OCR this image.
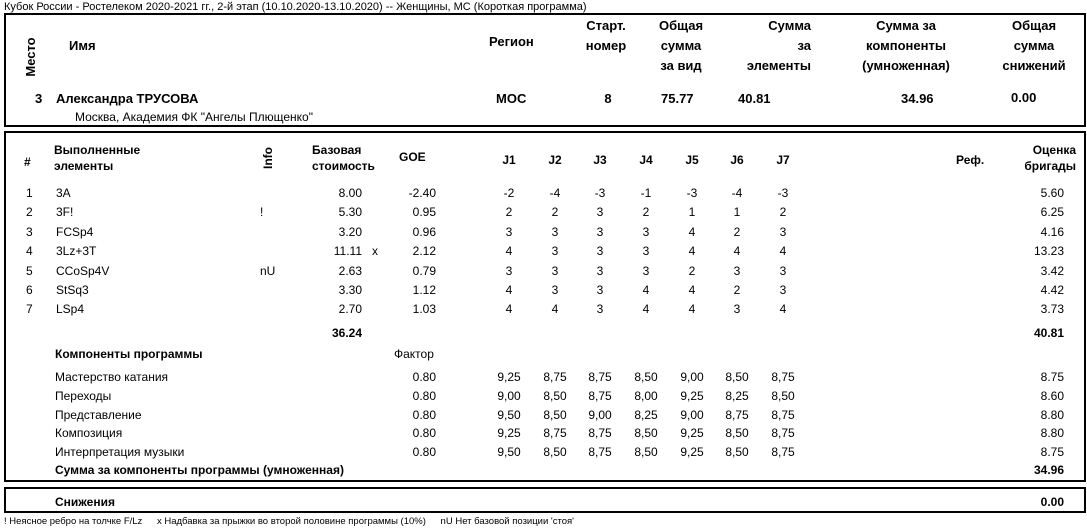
Кубок России - Ростелеком 2020-2021 гг., 2-й этап (10.10.2020-13.10.2020) -- Женщины, МС (Короткая программа)
Место Имя	Регион
Старт.
номер
Общая
сумма
за вид
Сумма
за
элементы
Сумма за
компоненты
(умноженная)
Общая
сумма
снижений
3 Александра ТРУСОВА
Москва, Академия ФК "Ангелы Плющенко"
MOC	8	75.77	40.81	34.96	0.00
#
Выполненные
элементы	Info	Базовая
стоимость
GOE	J1	J2	J3	J4	J5	J6	J7	Реф.
Оценка
бригады
1 3A	8.00	-2.40	-2	-4	-3	-1	-3	-4	-3	5.60
2 3F!	!	5.30	0.95	2	2	3	2	1	1	2	6.25
3 FCSp4	3.20	0.96	3	3	3	3	4	2	3	4.16
4 3Lz+3T	11.11 x	2.12	4	3	3	3	4	4	4	13.23
5 CCoSp4V	nU	2.63	0.79	3	3	3	3	2	3	3	3.42
6 StSq3	3.30	1.12	4	3	3	4	4	2	3	4.42
7 LSp4	2.70	1.03	4	4	3	4	4	3	4	3.73
36.24	40.81
Компоненты программы	Фактор
Мастерство катания	0.80	9,25	8,75	8,75	8,50	9,00	8,50	8,75	8.75
Переходы	0.80	9,00	8,50	8,75	8,00	9,25	8,25	8,50	8.60
Представление	0.80	9,50	8,50	9,00	8,25	9,00	8,75	8,75	8.80
Композиция	0.80	9,25	8,75	8,75	8,50	9,25	8,50	8,75	8.80
Интерпретация музыки	0.80	9,50	8,50	8,75	8,50	9,25	8,50	8,75	8.75
Сумма за компоненты программы (умноженная)	34.96
Снижения	0.00
! Неясное ребро на толчке F/Lz x Надбавка за прыжки во второй половине программы (10%) nU Нет базовой позиции 'стоя'
